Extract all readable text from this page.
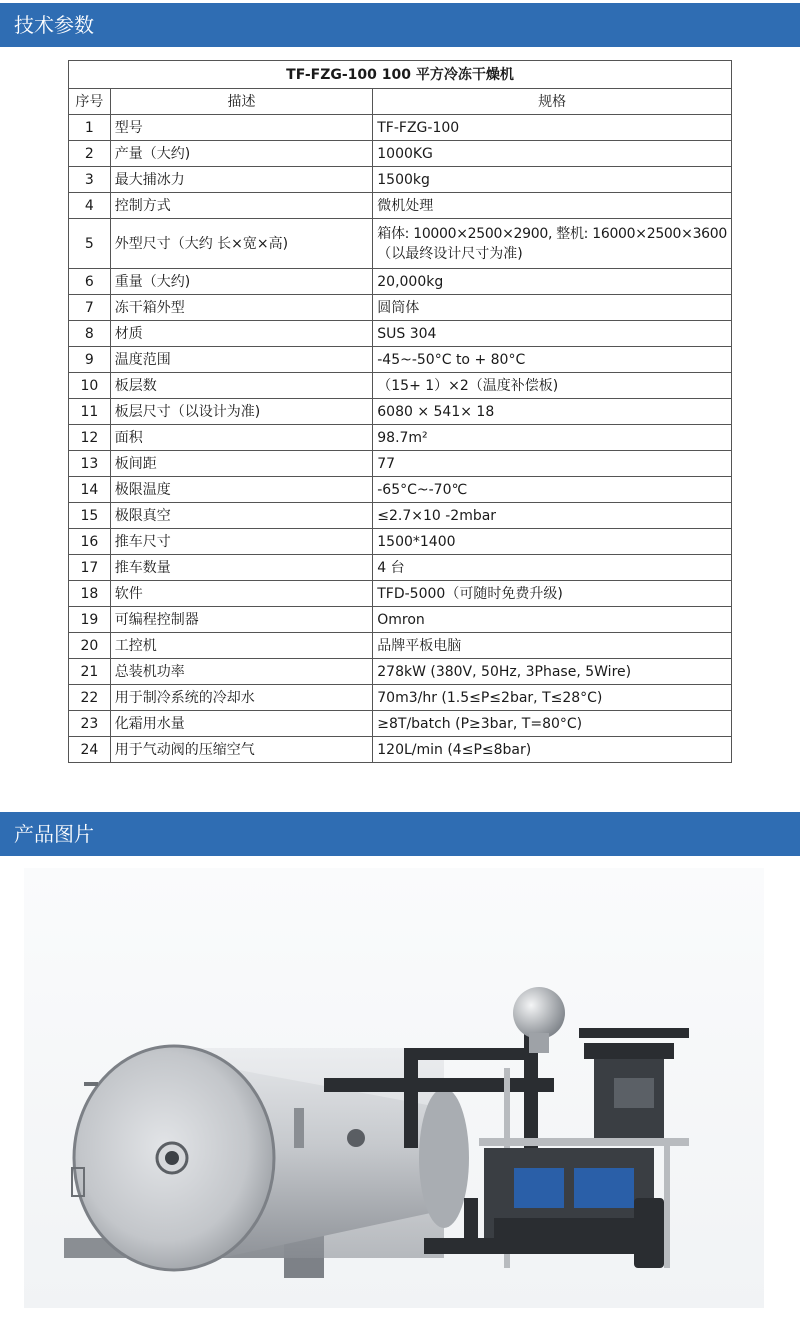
技术参数
TF-FZG-100 100 平方冷冻干燥机		
序号	描述	规格
1	型号	TF-FZG-100
2	产量（大约)	1000KG
3	最大捕冰力	1500kg
4	控制方式	微机处理
5	外型尺寸（大约 长×宽×高)	箱体: 10000×2500×2900, 整机: 16000×2500×3600
（以最终设计尺寸为准)

6	重量（大约)	20,000kg
7	冻干箱外型	圆筒体
8	材质	SUS 304
9	温度范围	-45~-50°C to + 80°C
10	板层数	（15+ 1）×2（温度补偿板)
11	板层尺寸（以设计为准)	6080 × 541× 18
12	面积	98.7m²
13	板间距	77
14	极限温度	-65°C~-70℃
15	极限真空	≤2.7×10 -2mbar
16	推车尺寸	1500*1400
17	推车数量	4 台
18	软件	TFD-5000（可随时免费升级)
19	可编程控制器	Omron
20	工控机	品牌平板电脑
21	总装机功率	278kW (380V, 50Hz, 3Phase, 5Wire)
22	用于制冷系统的冷却水	70m3/hr (1.5≤P≤2bar, T≤28°C)
23	化霜用水量	≥8T/batch (P≥3bar, T=80°C)
24	用于气动阀的压缩空气	120L/min (4≤P≤8bar)
产品图片
